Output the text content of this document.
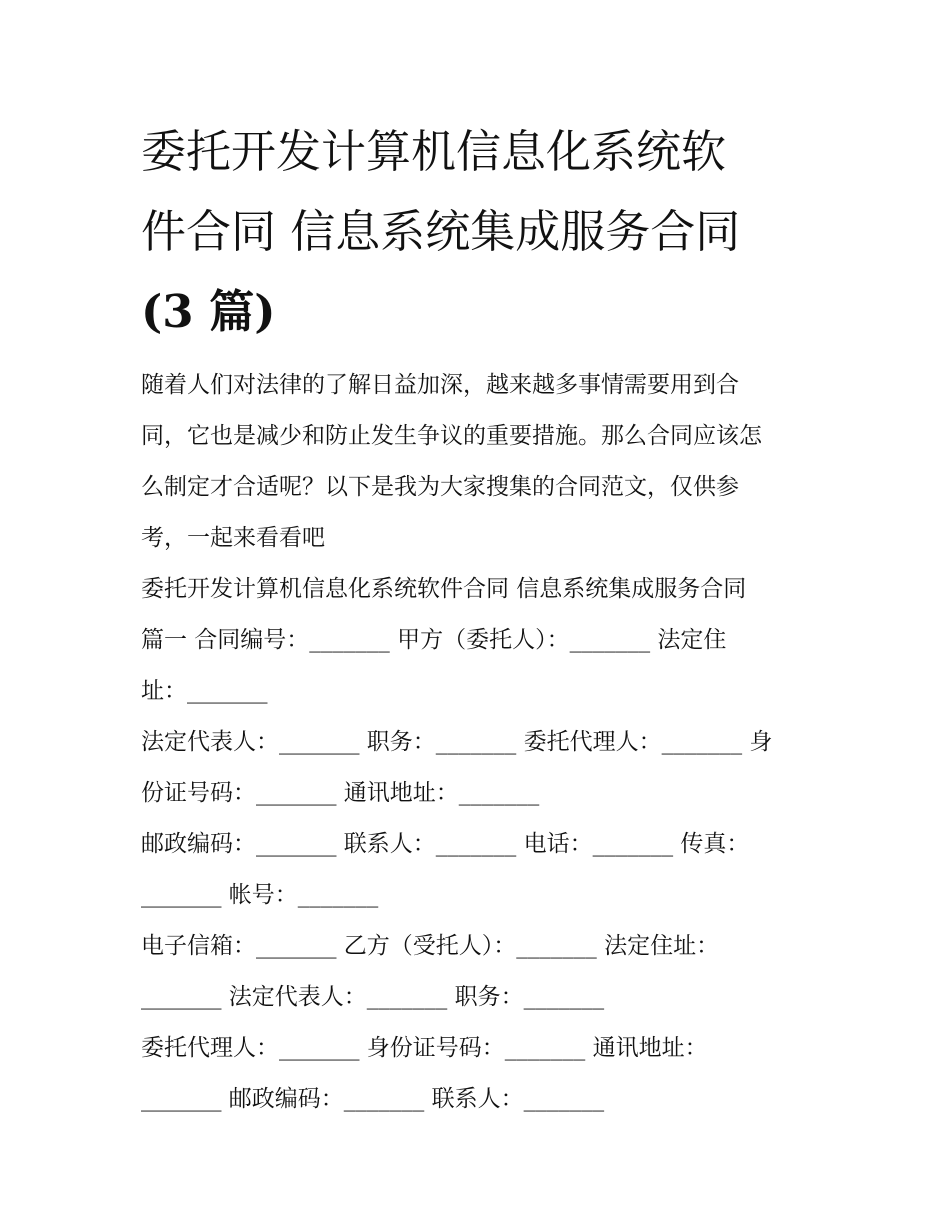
委托开发计算机信息化系统软
件合同 信息系统集成服务合同
(3 篇)
随着人们对法律的了解日益加深，越来越多事情需要用到合
同，它也是减少和防止发生争议的重要措施。那么合同应该怎
么制定才合适呢？以下是我为大家搜集的合同范文，仅供参
考，一起来看看吧
委托开发计算机信息化系统软件合同 信息系统集成服务合同
篇一 合同编号：_______ 甲方（委托人）：_______ 法定住
址：_______
法定代表人：_______ 职务：_______ 委托代理人：_______ 身
份证号码：_______ 通讯地址：_______
邮政编码：_______ 联系人：_______ 电话：_______ 传真：
_______ 帐号：_______
电子信箱：_______ 乙方（受托人）：_______ 法定住址：
_______ 法定代表人：_______ 职务：_______
委托代理人：_______ 身份证号码：_______ 通讯地址：
_______ 邮政编码：_______ 联系人：_______
